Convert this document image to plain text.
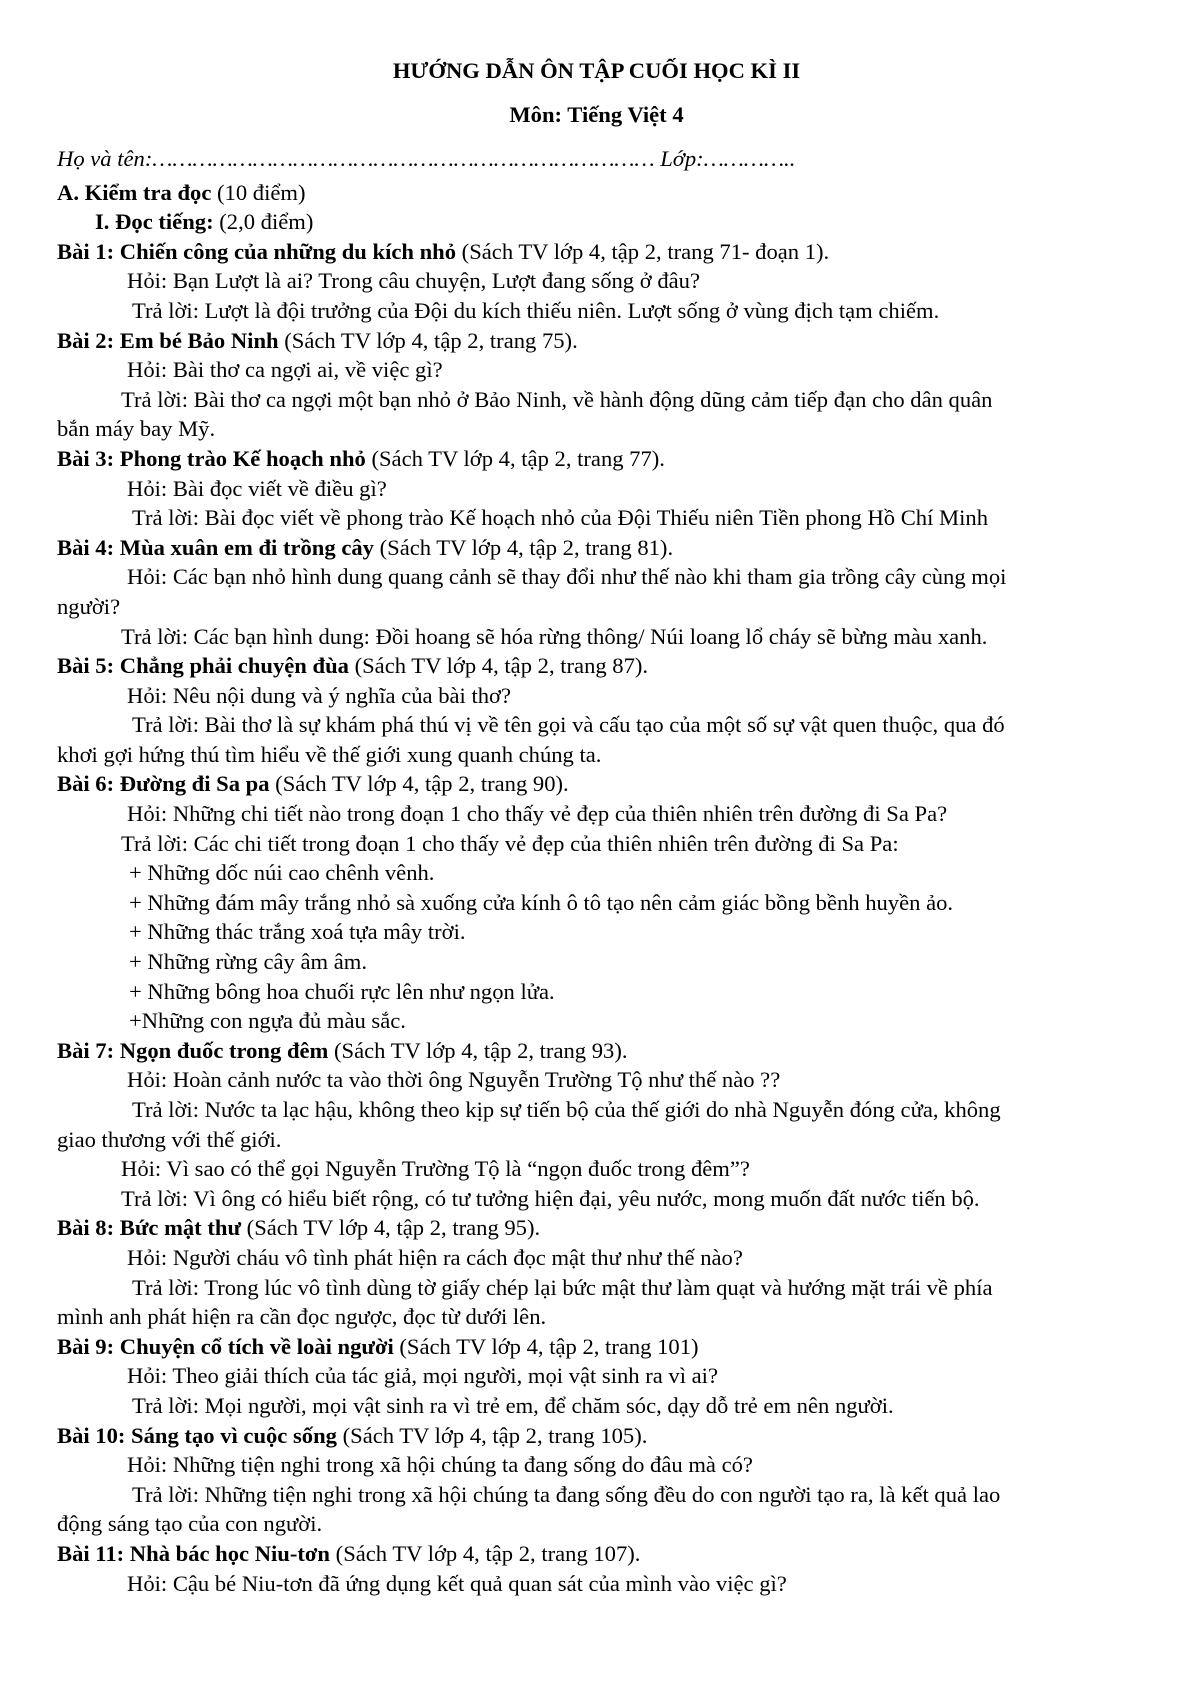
HƯỚNG DẪN ÔN TẬP CUỐI HỌC KÌ II
Môn: Tiếng Việt 4
Họ và tên:………………………………………………………………… Lớp:…………..

A. Kiểm tra đọc (10 điểm)

I. Đọc tiếng: (2,0 điểm)

Bài 1: Chiến công của những du kích nhỏ (Sách TV lớp 4, tập 2, trang 71- đoạn 1).

Hỏi: Bạn Lượt là ai? Trong câu chuyện, Lượt đang sống ở đâu?

Trả lời: Lượt là đội trưởng của Đội du kích thiếu niên. Lượt sống ở vùng địch tạm chiếm.

Bài 2: Em bé Bảo Ninh (Sách TV lớp 4, tập 2, trang 75).

Hỏi: Bài thơ ca ngợi ai, về việc gì?

Trả lời: Bài thơ ca ngợi một bạn nhỏ ở Bảo Ninh, về hành động dũng cảm tiếp đạn cho dân quân

bắn máy bay Mỹ.

Bài 3: Phong trào Kế hoạch nhỏ (Sách TV lớp 4, tập 2, trang 77).

Hỏi: Bài đọc viết về điều gì?

Trả lời: Bài đọc viết về phong trào Kế hoạch nhỏ của Đội Thiếu niên Tiền phong Hồ Chí Minh

Bài 4: Mùa xuân em đi trồng cây (Sách TV lớp 4, tập 2, trang 81).

Hỏi: Các bạn nhỏ hình dung quang cảnh sẽ thay đổi như thế nào khi tham gia trồng cây cùng mọi

người?

Trả lời: Các bạn hình dung: Đồi hoang sẽ hóa rừng thông/ Núi loang lổ cháy sẽ bừng màu xanh.

Bài 5: Chẳng phải chuyện đùa (Sách TV lớp 4, tập 2, trang 87).

Hỏi: Nêu nội dung và ý nghĩa của bài thơ?

Trả lời: Bài thơ là sự khám phá thú vị về tên gọi và cấu tạo của một số sự vật quen thuộc, qua đó

khơi gợi hứng thú tìm hiểu về thế giới xung quanh chúng ta.

Bài 6: Đường đi Sa pa (Sách TV lớp 4, tập 2, trang 90).

Hỏi: Những chi tiết nào trong đoạn 1 cho thấy vẻ đẹp của thiên nhiên trên đường đi Sa Pa?

Trả lời: Các chi tiết trong đoạn 1 cho thấy vẻ đẹp của thiên nhiên trên đường đi Sa Pa:

+ Những dốc núi cao chênh vênh.

+ Những đám mây trắng nhỏ sà xuống cửa kính ô tô tạo nên cảm giác bồng bềnh huyền ảo.

+ Những thác trắng xoá tựa mây trời.

+ Những rừng cây âm âm.

+ Những bông hoa chuối rực lên như ngọn lửa.

+Những con ngựa đủ màu sắc.

Bài 7: Ngọn đuốc trong đêm (Sách TV lớp 4, tập 2, trang 93).

Hỏi: Hoàn cảnh nước ta vào thời ông Nguyễn Trường Tộ như thế nào ??

Trả lời: Nước ta lạc hậu, không theo kịp sự tiến bộ của thế giới do nhà Nguyễn đóng cửa, không

giao thương với thế giới.

Hỏi: Vì sao có thể gọi Nguyễn Trường Tộ là “ngọn đuốc trong đêm”?

Trả lời: Vì ông có hiểu biết rộng, có tư tưởng hiện đại, yêu nước, mong muốn đất nước tiến bộ.

Bài 8: Bức mật thư (Sách TV lớp 4, tập 2, trang 95).

Hỏi: Người cháu vô tình phát hiện ra cách đọc mật thư như thế nào?

Trả lời: Trong lúc vô tình dùng tờ giấy chép lại bức mật thư làm quạt và hướng mặt trái về phía

mình anh phát hiện ra cần đọc ngược, đọc từ dưới lên.

Bài 9: Chuyện cổ tích về loài người (Sách TV lớp 4, tập 2, trang 101)

Hỏi: Theo giải thích của tác giả, mọi người, mọi vật sinh ra vì ai?

Trả lời: Mọi người, mọi vật sinh ra vì trẻ em, để chăm sóc, dạy dỗ trẻ em nên người.

Bài 10: Sáng tạo vì cuộc sống (Sách TV lớp 4, tập 2, trang 105).

Hỏi: Những tiện nghi trong xã hội chúng ta đang sống do đâu mà có?

Trả lời: Những tiện nghi trong xã hội chúng ta đang sống đều do con người tạo ra, là kết quả lao

động sáng tạo của con người.

Bài 11: Nhà bác học Niu-tơn (Sách TV lớp 4, tập 2, trang 107).

Hỏi: Cậu bé Niu-tơn đã ứng dụng kết quả quan sát của mình vào việc gì?
